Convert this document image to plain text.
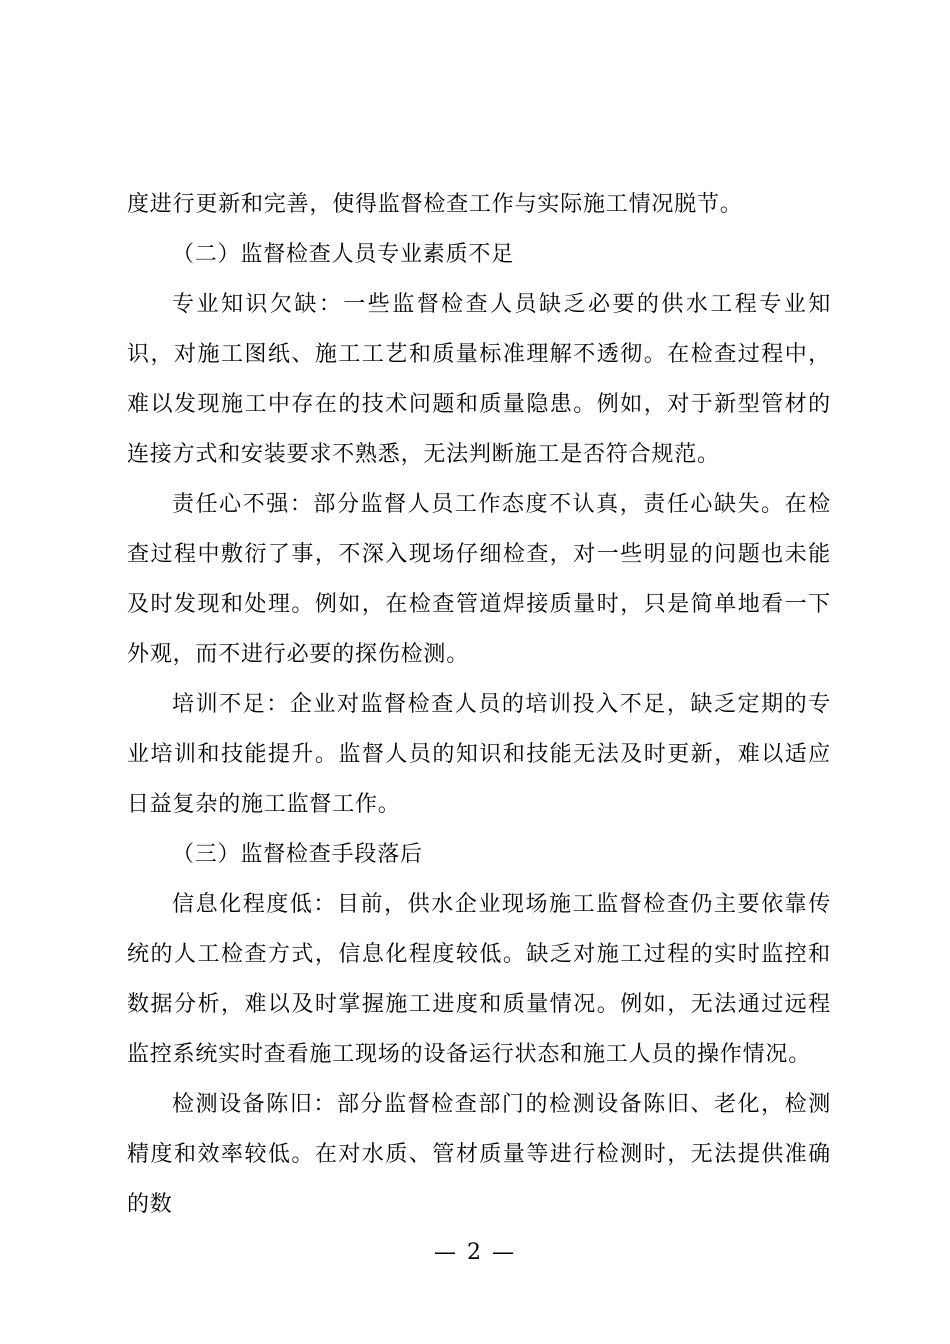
度进行更新和完善，使得监督检查工作与实际施工情况脱节。

（二）监督检查人员专业素质不足

专业知识欠缺：一些监督检查人员缺乏必要的供水工程专业知识，对施工图纸、施工工艺和质量标准理解不透彻。在检查过程中，难以发现施工中存在的技术问题和质量隐患。例如，对于新型管材的连接方式和安装要求不熟悉，无法判断施工是否符合规范。

责任心不强：部分监督人员工作态度不认真，责任心缺失。在检查过程中敷衍了事，不深入现场仔细检查，对一些明显的问题也未能及时发现和处理。例如，在检查管道焊接质量时，只是简单地看一下外观，而不进行必要的探伤检测。

培训不足：企业对监督检查人员的培训投入不足，缺乏定期的专业培训和技能提升。监督人员的知识和技能无法及时更新，难以适应日益复杂的施工监督工作。

（三）监督检查手段落后

信息化程度低：目前，供水企业现场施工监督检查仍主要依靠传统的人工检查方式，信息化程度较低。缺乏对施工过程的实时监控和数据分析，难以及时掌握施工进度和质量情况。例如，无法通过远程监控系统实时查看施工现场的设备运行状态和施工人员的操作情况。

检测设备陈旧：部分监督检查部门的检测设备陈旧、老化，检测精度和效率较低。在对水质、管材质量等进行检测时，无法提供准确的数

— 2 —
